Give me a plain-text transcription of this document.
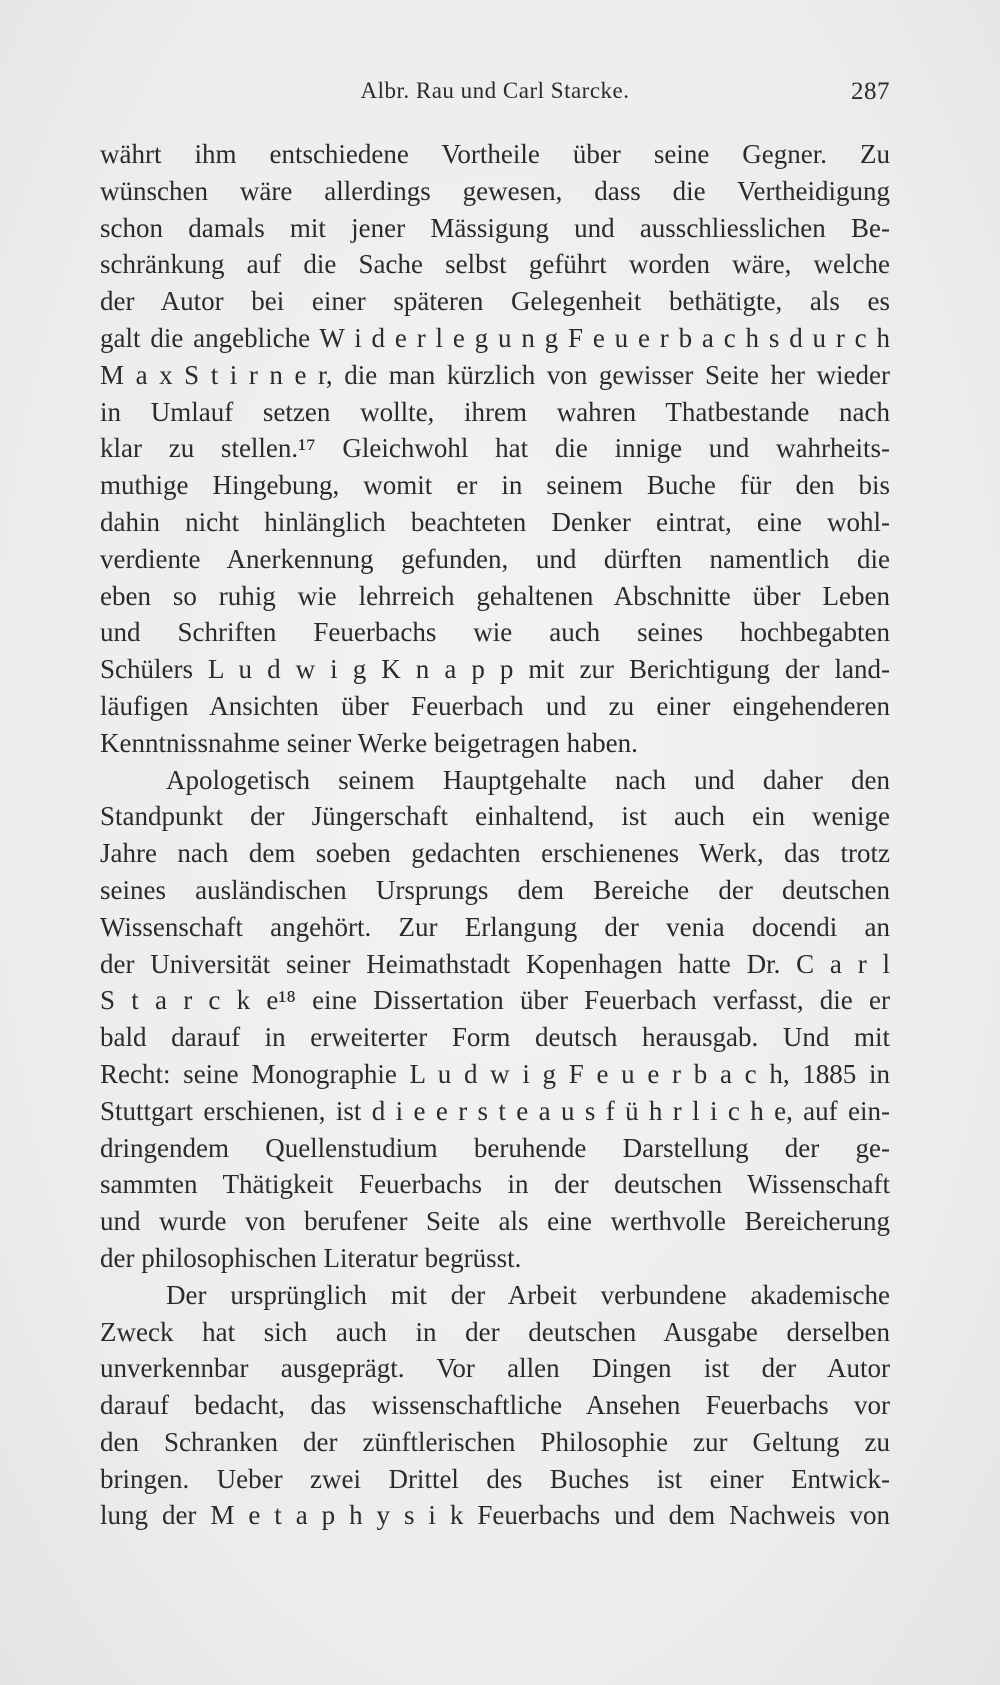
Albr. Rau und Carl Starcke.	287
währt ihm entschiedene Vortheile über seine Gegner. Zu
wünschen wäre allerdings gewesen, dass die Vertheidigung
schon damals mit jener Mässigung und ausschliesslichen Be-
schränkung auf die Sache selbst geführt worden wäre, welche
der Autor bei einer späteren Gelegenheit bethätigte, als es
galt die angebliche W i d e r l e g u n g F e u e r b a c h s d u r c h
M a x S t i r n e r, die man kürzlich von gewisser Seite her wieder
in Umlauf setzen wollte, ihrem wahren Thatbestande nach
klar zu stellen.¹⁷ Gleichwohl hat die innige und wahrheits-
muthige Hingebung, womit er in seinem Buche für den bis
dahin nicht hinlänglich beachteten Denker eintrat, eine wohl-
verdiente Anerkennung gefunden, und dürften namentlich die
eben so ruhig wie lehrreich gehaltenen Abschnitte über Leben
und Schriften Feuerbachs wie auch seines hochbegabten
Schülers L u d w i g K n a p p mit zur Berichtigung der land-
läufigen Ansichten über Feuerbach und zu einer eingehenderen
Kenntnissnahme seiner Werke beigetragen haben.
Apologetisch seinem Hauptgehalte nach und daher den
Standpunkt der Jüngerschaft einhaltend, ist auch ein wenige
Jahre nach dem soeben gedachten erschienenes Werk, das trotz
seines ausländischen Ursprungs dem Bereiche der deutschen
Wissenschaft angehört. Zur Erlangung der venia docendi an
der Universität seiner Heimathstadt Kopenhagen hatte Dr. C a r l
S t a r c k e¹⁸ eine Dissertation über Feuerbach verfasst, die er
bald darauf in erweiterter Form deutsch herausgab. Und mit
Recht: seine Monographie L u d w i g F e u e r b a c h, 1885 in
Stuttgart erschienen, ist d i e e r s t e a u s f ü h r l i c h e, auf ein-
dringendem Quellenstudium beruhende Darstellung der ge-
sammten Thätigkeit Feuerbachs in der deutschen Wissenschaft
und wurde von berufener Seite als eine werthvolle Bereicherung
der philosophischen Literatur begrüsst.
Der ursprünglich mit der Arbeit verbundene akademische
Zweck hat sich auch in der deutschen Ausgabe derselben
unverkennbar ausgeprägt. Vor allen Dingen ist der Autor
darauf bedacht, das wissenschaftliche Ansehen Feuerbachs vor
den Schranken der zünftlerischen Philosophie zur Geltung zu
bringen. Ueber zwei Drittel des Buches ist einer Entwick-
lung der M e t a p h y s i k Feuerbachs und dem Nachweis von
